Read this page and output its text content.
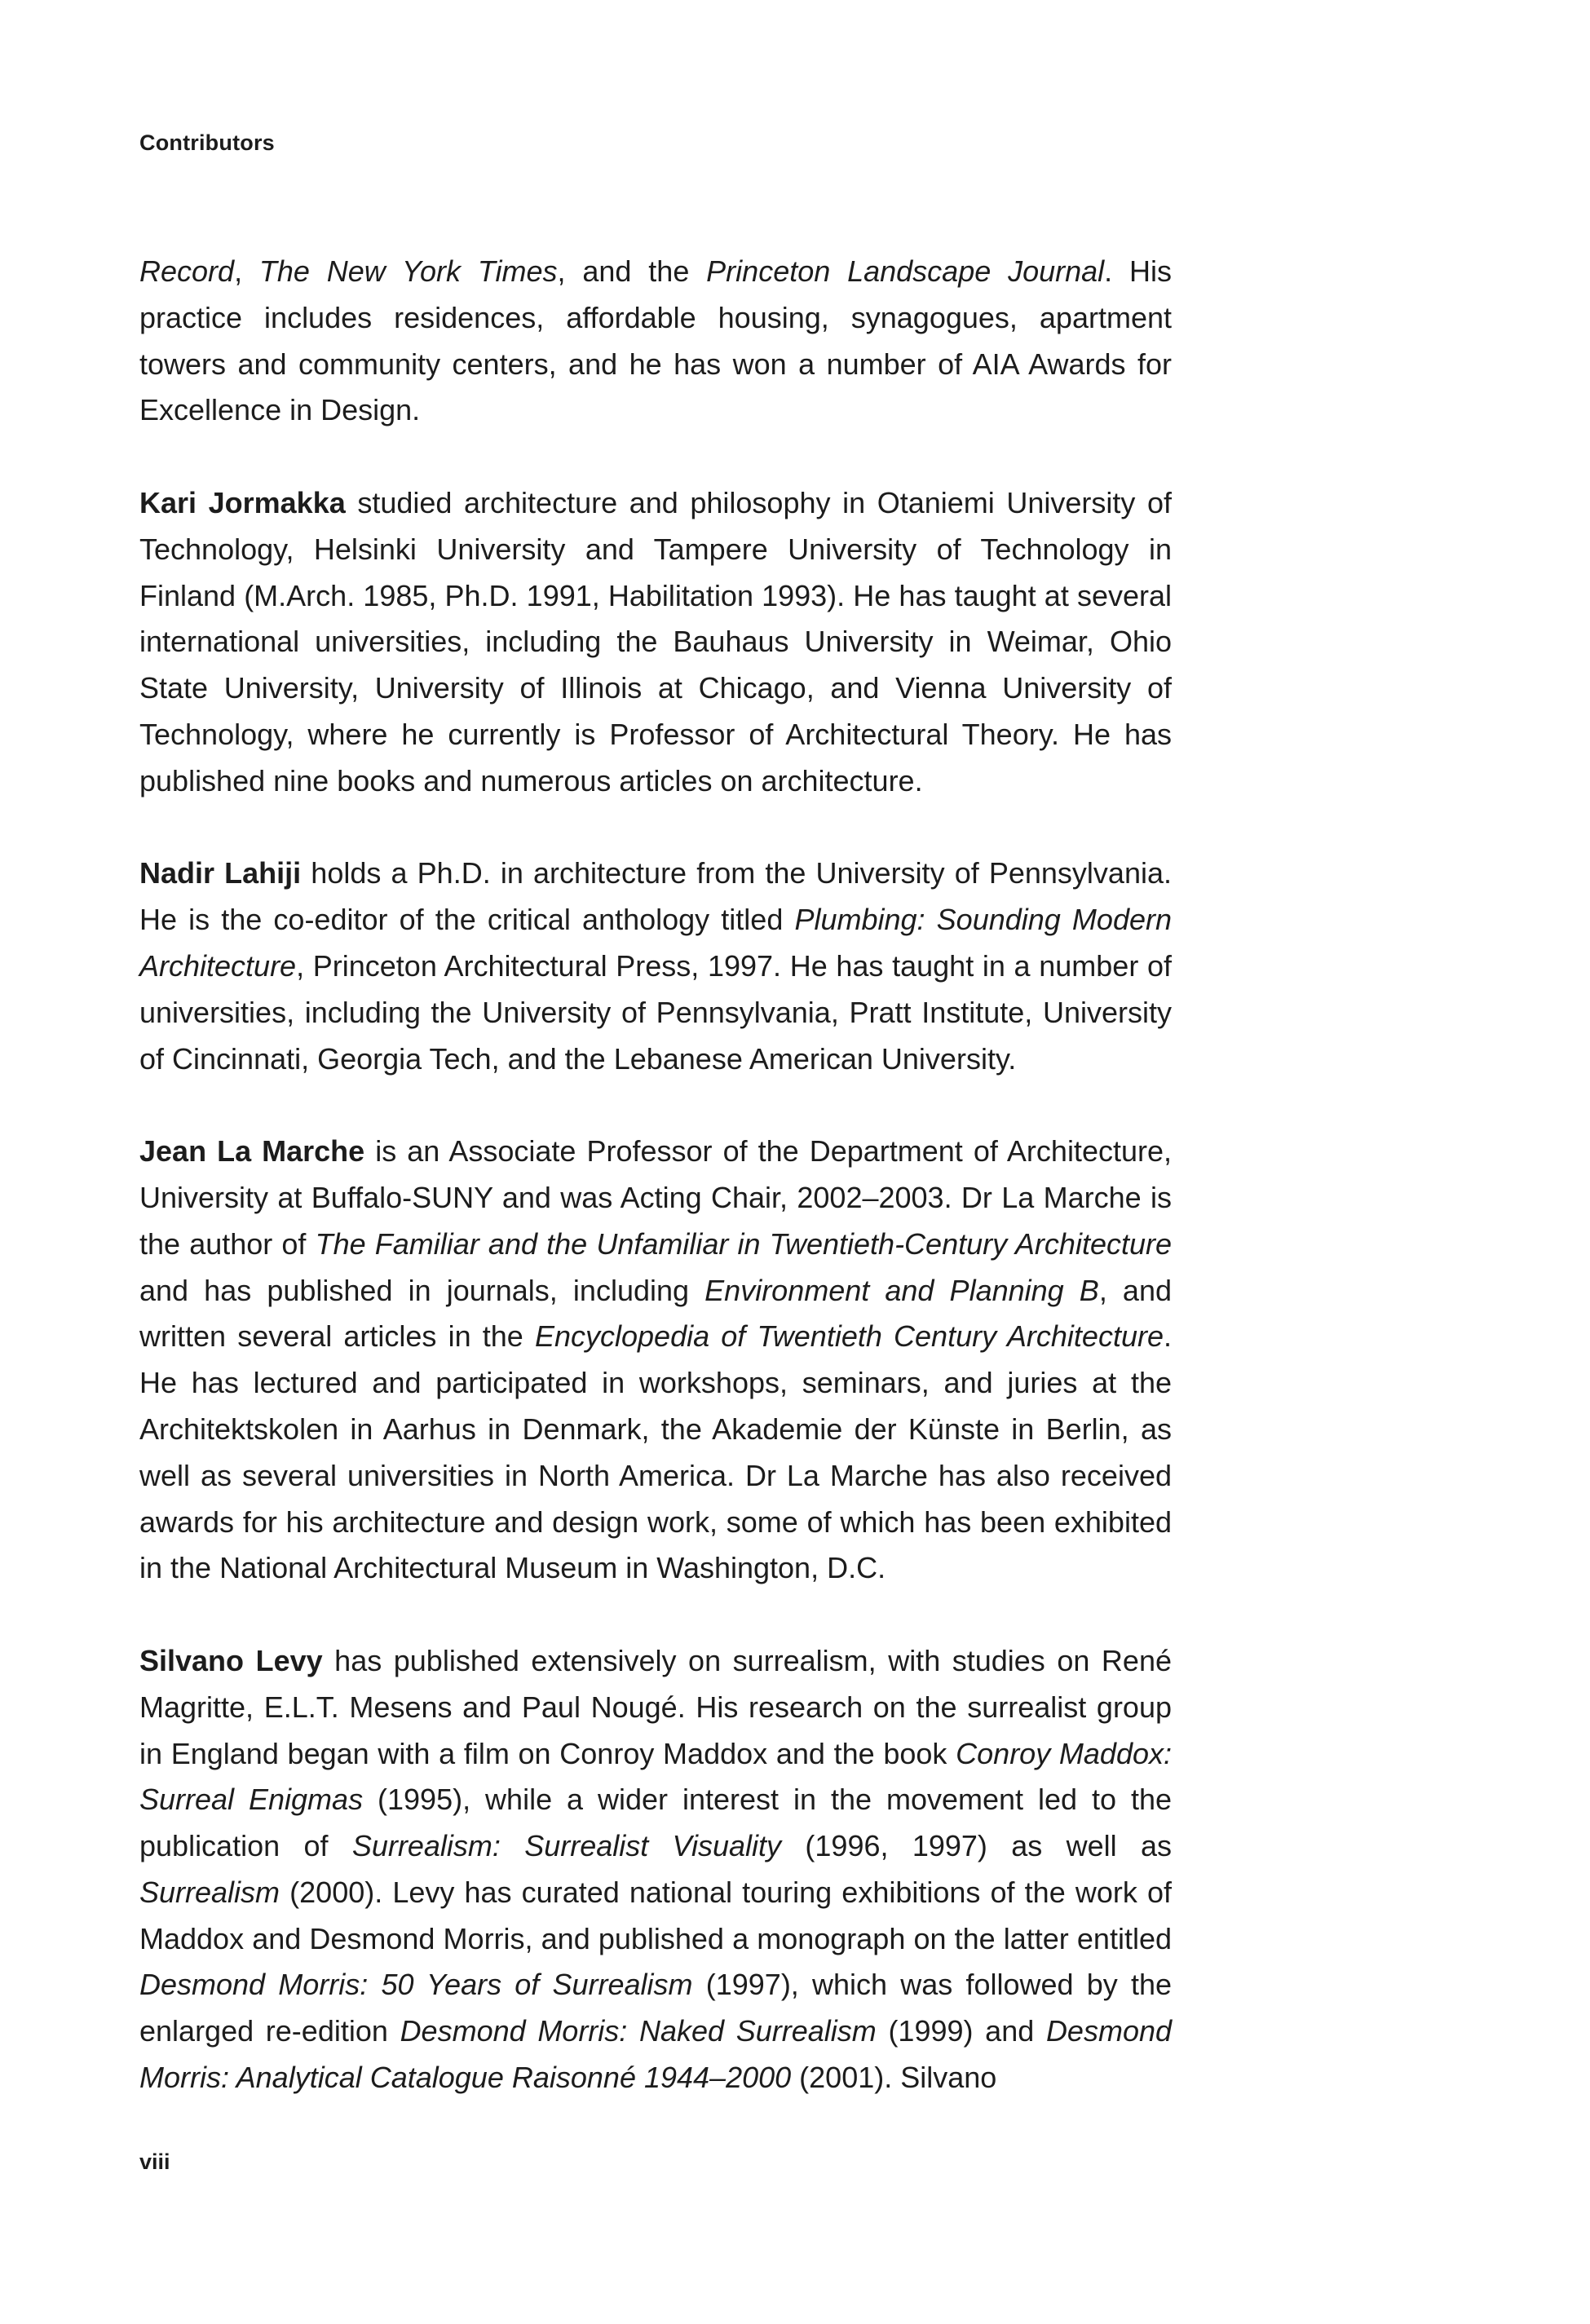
Contributors

Record, The New York Times, and the Princeton Landscape Journal. His practice includes residences, affordable housing, synagogues, apartment towers and community centers, and he has won a number of AIA Awards for Excellence in Design.

Kari Jormakka studied architecture and philosophy in Otaniemi University of Technology, Helsinki University and Tampere University of Technology in Finland (M.Arch. 1985, Ph.D. 1991, Habilitation 1993). He has taught at several international universities, including the Bauhaus University in Weimar, Ohio State University, University of Illinois at Chicago, and Vienna University of Technology, where he currently is Professor of Architectural Theory. He has published nine books and numerous articles on architecture.

Nadir Lahiji holds a Ph.D. in architecture from the University of Pennsylvania. He is the co-editor of the critical anthology titled Plumbing: Sounding Modern Architecture, Princeton Architectural Press, 1997. He has taught in a number of universities, including the University of Pennsylvania, Pratt Institute, University of Cincinnati, Georgia Tech, and the Lebanese American University.

Jean La Marche is an Associate Professor of the Department of Architecture, University at Buffalo-SUNY and was Acting Chair, 2002–2003. Dr La Marche is the author of The Familiar and the Unfamiliar in Twentieth-Century Architecture and has published in journals, including Environment and Planning B, and written several articles in the Encyclopedia of Twentieth Century Architecture. He has lectured and participated in workshops, seminars, and juries at the Architektskolen in Aarhus in Denmark, the Akademie der Künste in Berlin, as well as several universities in North America. Dr La Marche has also received awards for his architecture and design work, some of which has been exhibited in the National Architectural Museum in Washington, D.C.

Silvano Levy has published extensively on surrealism, with studies on René Magritte, E.L.T. Mesens and Paul Nougé. His research on the surrealist group in England began with a film on Conroy Maddox and the book Conroy Maddox: Surreal Enigmas (1995), while a wider interest in the movement led to the publication of Surrealism: Surrealist Visuality (1996, 1997) as well as Surrealism (2000). Levy has curated national touring exhibitions of the work of Maddox and Desmond Morris, and published a monograph on the latter entitled Desmond Morris: 50 Years of Surrealism (1997), which was followed by the enlarged re-edition Desmond Morris: Naked Surrealism (1999) and Desmond Morris: Analytical Catalogue Raisonné 1944–2000 (2001). Silvano

viii
